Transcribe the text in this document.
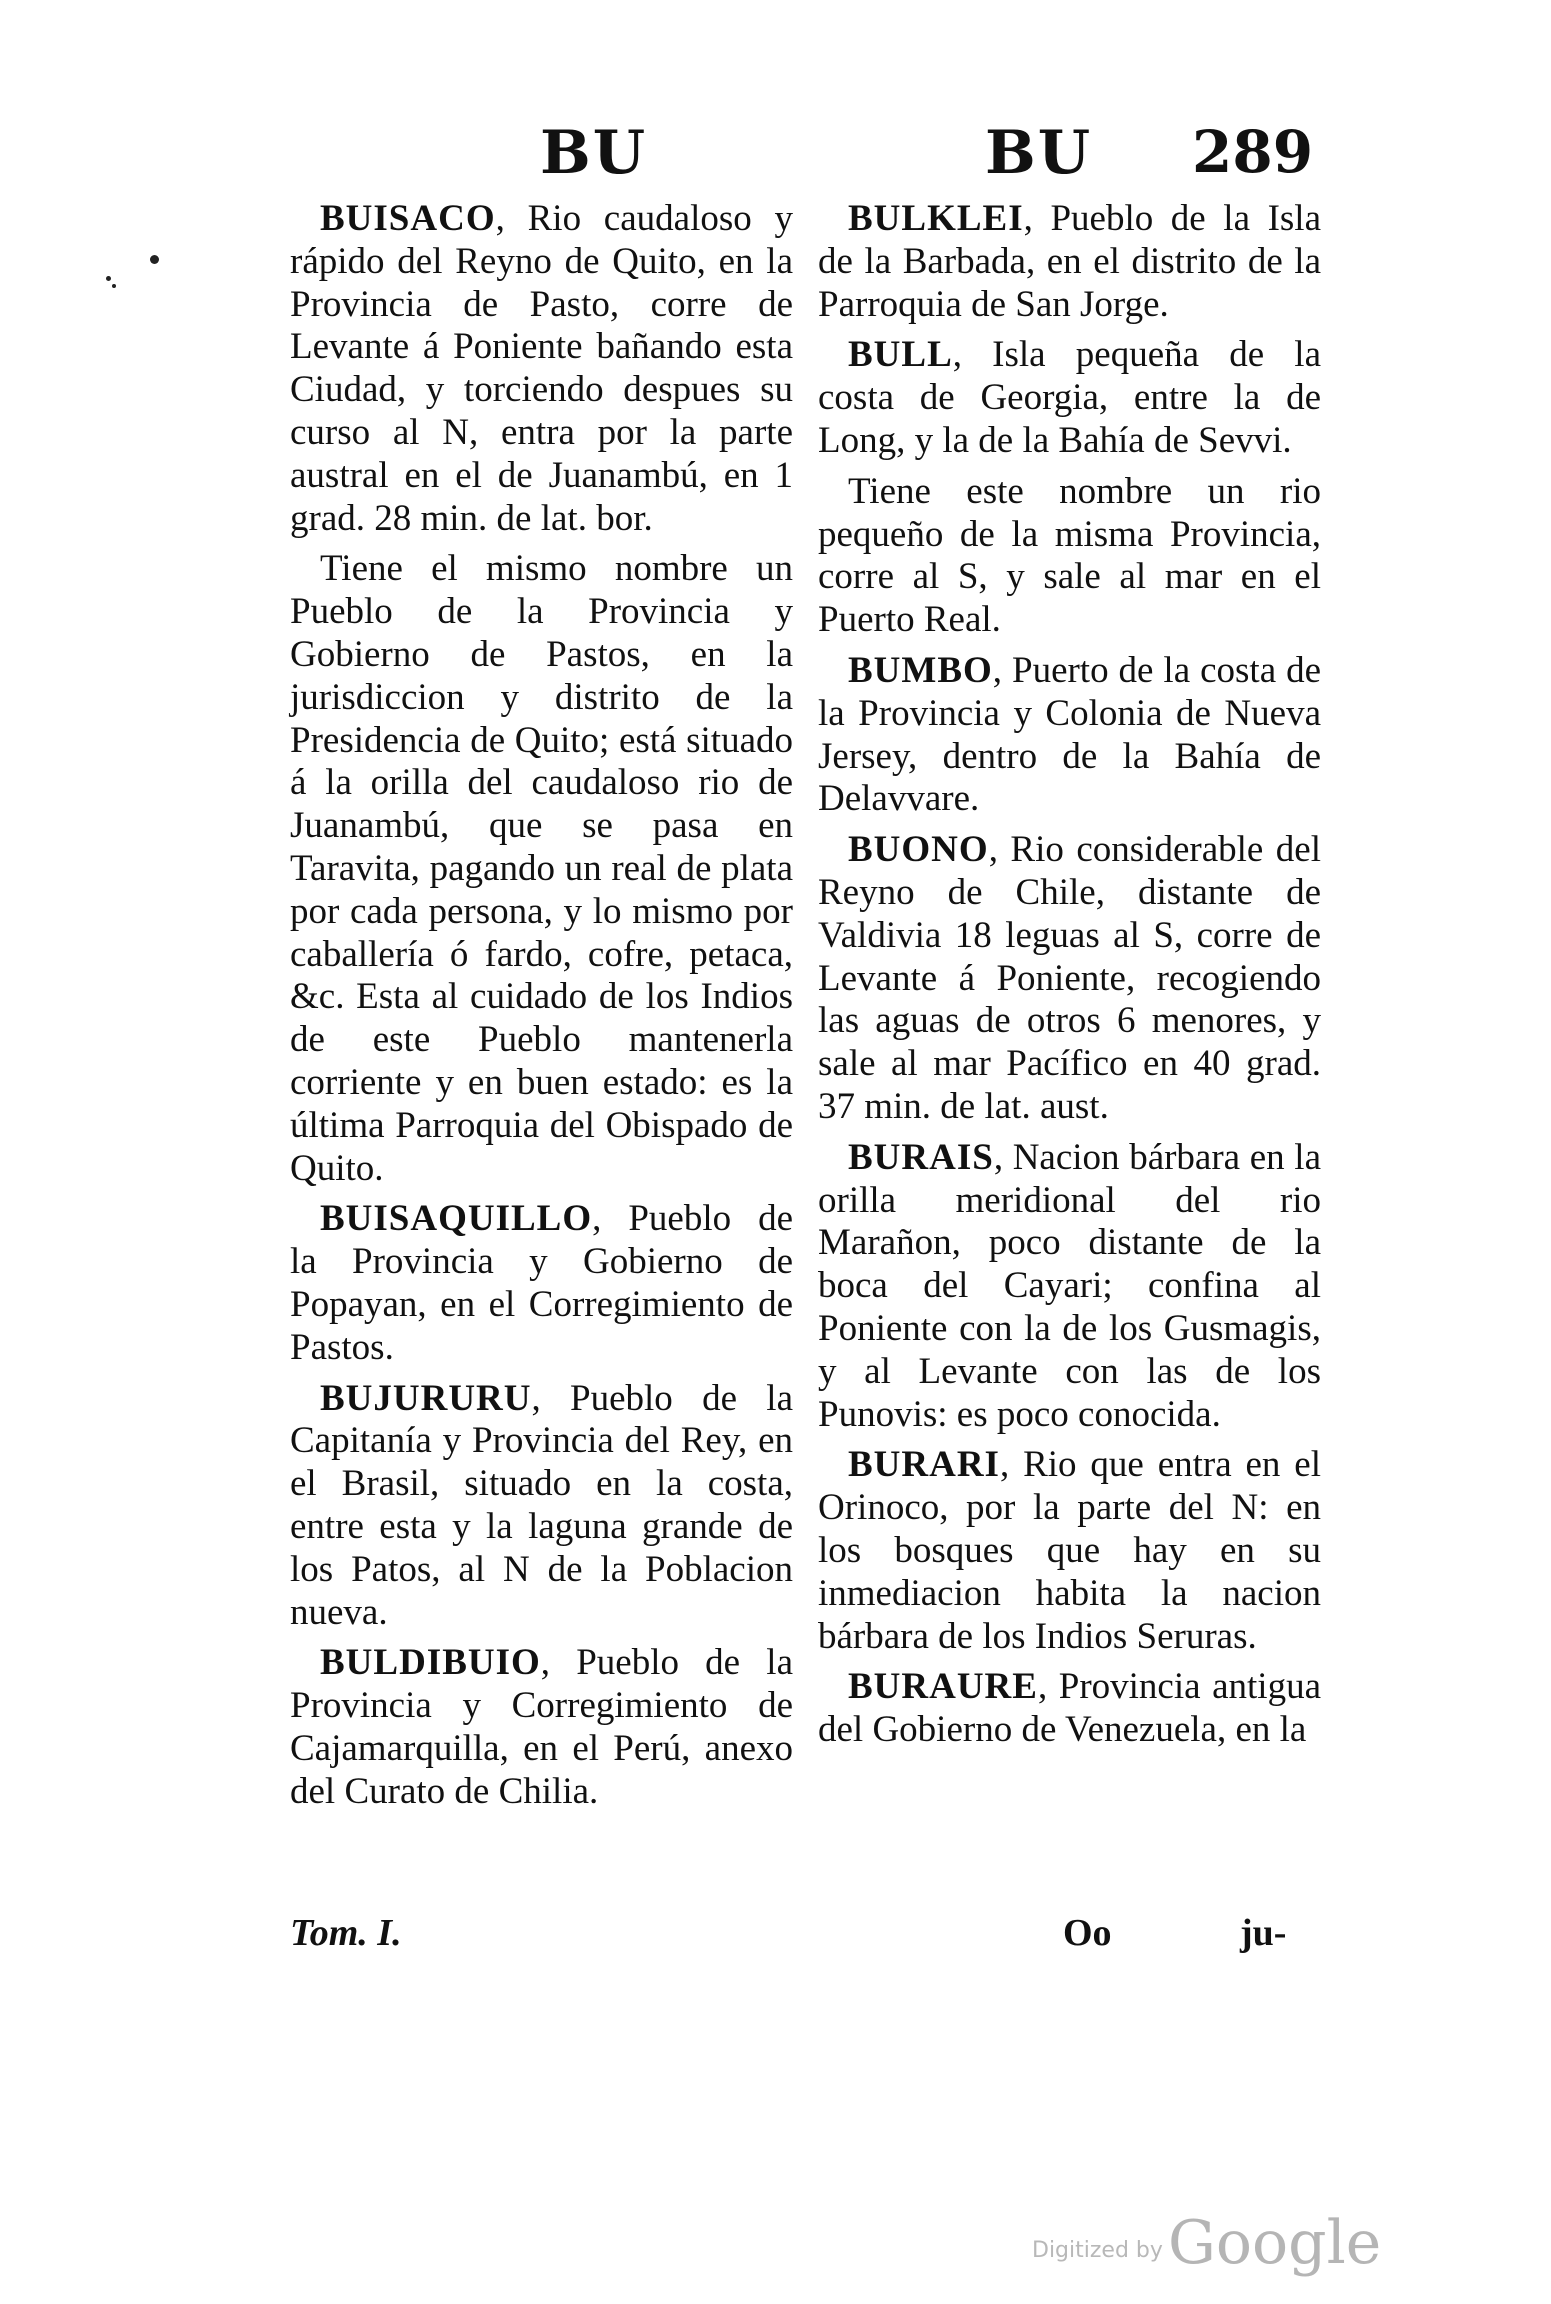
BU	BU 289

BUISACO, Rio caudaloso y rápido del Reyno de Quito, en la Provincia de Pasto, corre de Levante á Poniente bañando esta Ciudad, y torciendo despues su curso al N, entra por la parte austral en el de Juanambú, en 1 grad. 28 min. de lat. bor.

Tiene el mismo nombre un Pueblo de la Provincia y Gobierno de Pastos, en la jurisdiccion y distrito de la Presidencia de Quito; está situado á la orilla del caudaloso rio de Juanambú, que se pasa en Taravita, pagando un real de plata por cada persona, y lo mismo por caballería ó fardo, cofre, petaca, &c. Esta al cuidado de los Indios de este Pueblo mantenerla corriente y en buen estado: es la última Parroquia del Obispado de Quito.

BUISAQUILLO, Pueblo de la Provincia y Gobierno de Popayan, en el Corregimiento de Pastos.

BUJURURU, Pueblo de la Capitanía y Provincia del Rey, en el Brasil, situado en la costa, entre esta y la laguna grande de los Patos, al N de la Poblacion nueva.

BULDIBUIO, Pueblo de la Provincia y Corregimiento de Cajamarquilla, en el Perú, anexo del Curato de Chilia.

BULKLEI, Pueblo de la Isla de la Barbada, en el distrito de la Parroquia de San Jorge.

BULL, Isla pequeña de la costa de Georgia, entre la de Long, y la de la Bahía de Sevvi.

Tiene este nombre un rio pequeño de la misma Provincia, corre al S, y sale al mar en el Puerto Real.

BUMBO, Puerto de la costa de la Provincia y Colonia de Nueva Jersey, dentro de la Bahía de Delavvare.

BUONO, Rio considerable del Reyno de Chile, distante de Valdivia 18 leguas al S, corre de Levante á Poniente, recogiendo las aguas de otros 6 menores, y sale al mar Pacífico en 40 grad. 37 min. de lat. aust.

BURAIS, Nacion bárbara en la orilla meridional del rio Marañon, poco distante de la boca del Cayari; confina al Poniente con la de los Gusmagis, y al Levante con las de los Punovis: es poco conocida.

BURARI, Rio que entra en el Orinoco, por la parte del N: en los bosques que hay en su inmediacion habita la nacion bárbara de los Indios Seruras.

BURAURE, Provincia antigua del Gobierno de Venezuela, en la

Tom. I.	Oo	ju-
Digitized by Google
